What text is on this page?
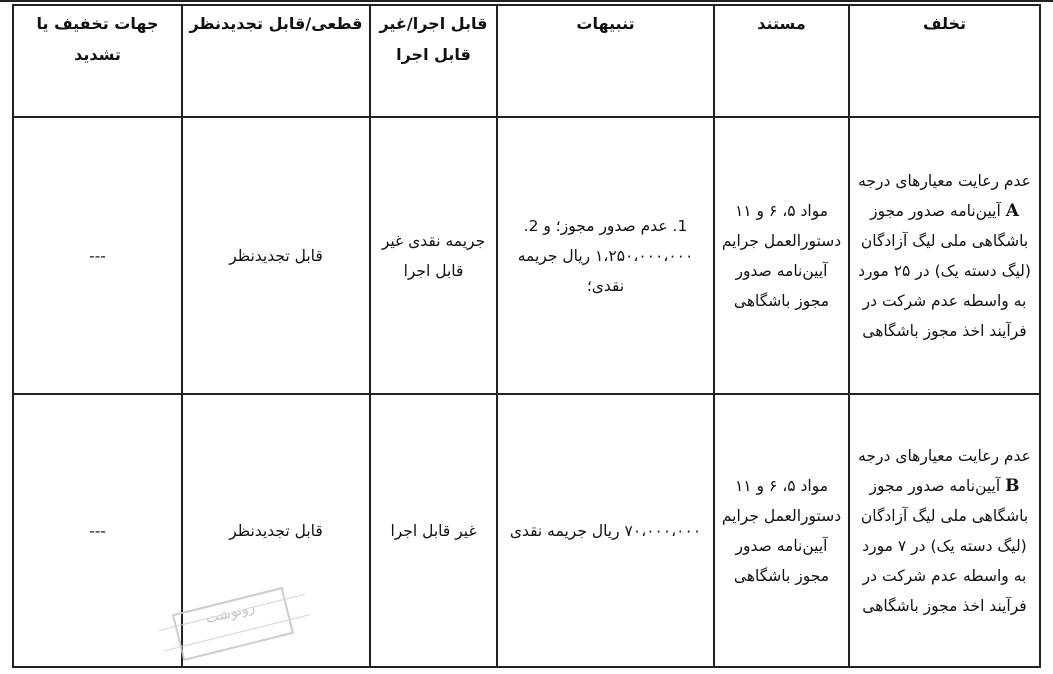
تخلف	مستند	تنبیهات	قابل اجرا/غیر قابل اجرا	قطعی/قابل تجدیدنظر	جهات تخفیف یا تشدید
عدم رعایت معیارهای درجه A آیین‌نامه صدور مجوز باشگاهی ملی لیگ آزادگان (لیگ دسته یک) در ۲۵ مورد به واسطه عدم شرکت در فرآیند اخذ مجوز باشگاهی	مواد ۵، ۶ و ۱۱ دستورالعمل جرایم آیین‌نامه صدور مجوز باشگاهی	1. عدم صدور مجوز؛ و 2. ۱،۲۵۰،۰۰۰،۰۰۰ ریال جریمه نقدی؛	جریمه نقدی غیر قابل اجرا	قابل تجدیدنظر	---
عدم رعایت معیارهای درجه B آیین‌نامه صدور مجوز باشگاهی ملی لیگ آزادگان (لیگ دسته یک) در ۷ مورد به واسطه عدم شرکت در فرآیند اخذ مجوز باشگاهی	مواد ۵، ۶ و ۱۱ دستورالعمل جرایم آیین‌نامه صدور مجوز باشگاهی	۷۰،۰۰۰،۰۰۰ ریال جریمه نقدی	غیر قابل اجرا	قابل تجدیدنظر	---
رونوشت
